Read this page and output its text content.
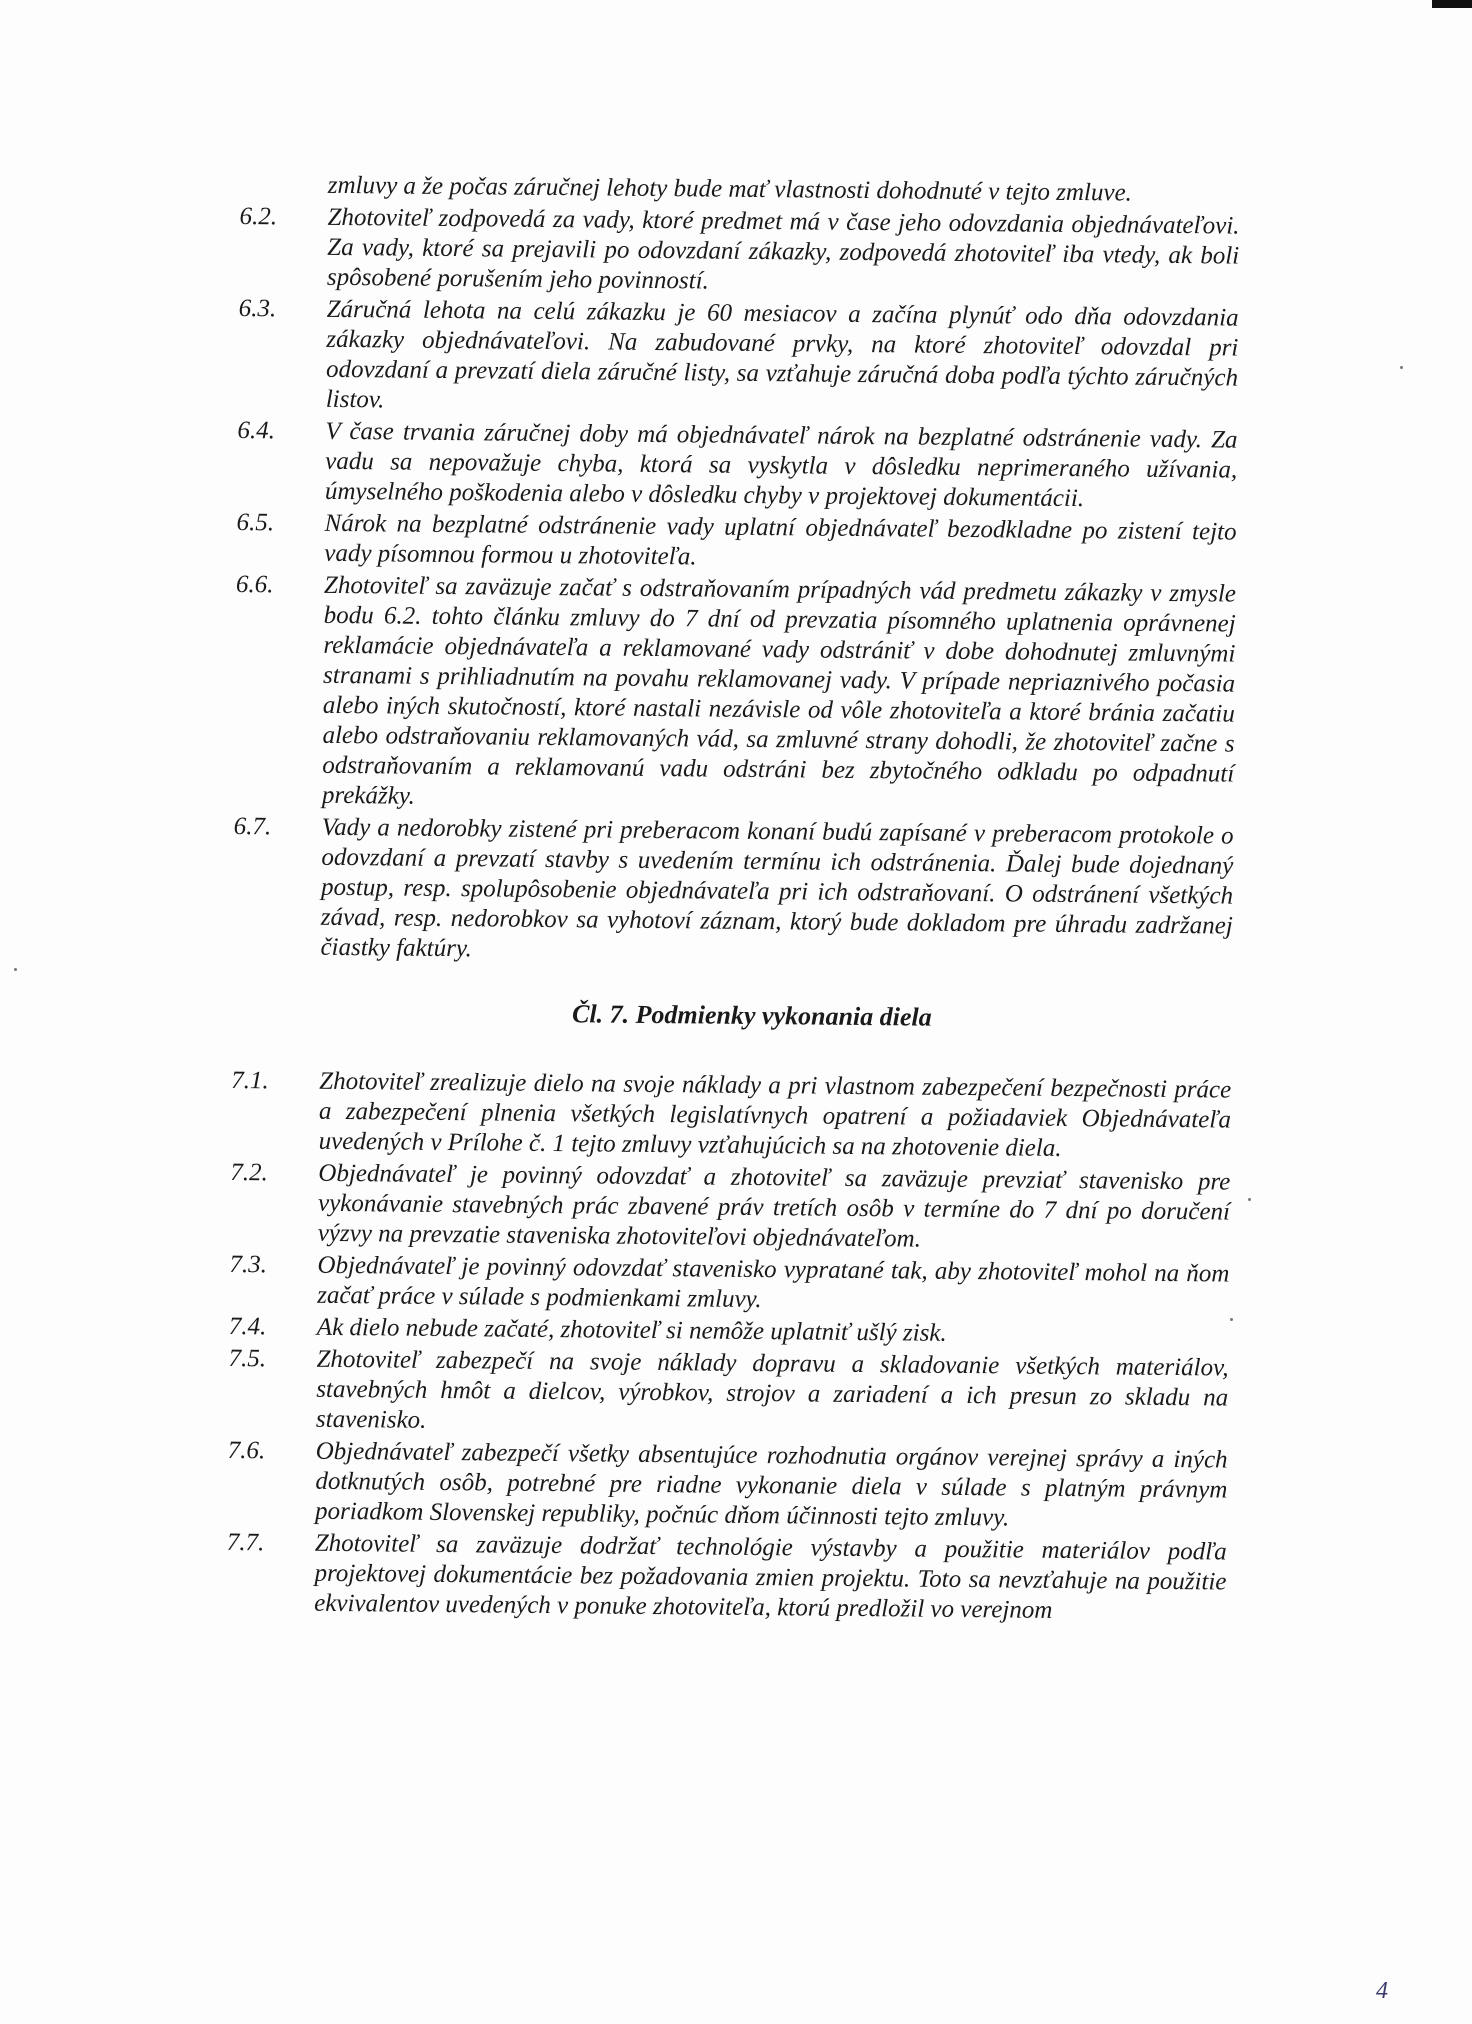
zmluvy a že počas záručnej lehoty bude mať vlastnosti dohodnuté v tejto zmluve.
6.2.	Zhotoviteľ zodpovedá za vady, ktoré predmet má v čase jeho odovzdania objednávateľovi. Za vady, ktoré sa prejavili po odovzdaní zákazky, zodpovedá zhotoviteľ iba vtedy, ak boli spôsobené porušením jeho povinností.
6.3.	Záručná lehota na celú zákazku je 60 mesiacov a začína plynúť odo dňa odovzdania zákazky objednávateľovi. Na zabudované prvky, na ktoré zhotoviteľ odovzdal pri odovzdaní a prevzatí diela záručné listy, sa vzťahuje záručná doba podľa týchto záručných listov.
6.4.	V čase trvania záručnej doby má objednávateľ nárok na bezplatné odstránenie vady. Za vadu sa nepovažuje chyba, ktorá sa vyskytla v dôsledku neprimeraného užívania, úmyselného poškodenia alebo v dôsledku chyby v projektovej dokumentácii.
6.5.	Nárok na bezplatné odstránenie vady uplatní objednávateľ bezodkladne po zistení tejto vady písomnou formou u zhotoviteľa.
6.6.	Zhotoviteľ sa zaväzuje začať s odstraňovaním prípadných vád predmetu zákazky v zmysle bodu 6.2. tohto článku zmluvy do 7 dní od prevzatia písomného uplatnenia oprávnenej reklamácie objednávateľa a reklamované vady odstrániť v dobe dohodnutej zmluvnými stranami s prihliadnutím na povahu reklamovanej vady. V prípade nepriaznivého počasia alebo iných skutočností, ktoré nastali nezávisle od vôle zhotoviteľa a ktoré bránia začatiu alebo odstraňovaniu reklamovaných vád, sa zmluvné strany dohodli, že zhotoviteľ začne s odstraňovaním a reklamovanú vadu odstráni bez zbytočného odkladu po odpadnutí prekážky.
6.7.	Vady a nedorobky zistené pri preberacom konaní budú zapísané v preberacom protokole o odovzdaní a prevzatí stavby s uvedením termínu ich odstránenia. Ďalej bude dojednaný postup, resp. spolupôsobenie objednávateľa pri ich odstraňovaní. O odstránení všetkých závad, resp. nedorobkov sa vyhotoví záznam, ktorý bude dokladom pre úhradu zadržanej čiastky faktúry.
Čl. 7. Podmienky vykonania diela
7.1.	Zhotoviteľ zrealizuje dielo na svoje náklady a pri vlastnom zabezpečení bezpečnosti práce a zabezpečení plnenia všetkých legislatívnych opatrení a požiadaviek Objednávateľa uvedených v Prílohe č. 1 tejto zmluvy vzťahujúcich sa na zhotovenie diela.
7.2.	Objednávateľ je povinný odovzdať a zhotoviteľ sa zaväzuje prevziať stavenisko pre vykonávanie stavebných prác zbavené práv tretích osôb v termíne do 7 dní po doručení výzvy na prevzatie staveniska zhotoviteľovi objednávateľom.
7.3.	Objednávateľ je povinný odovzdať stavenisko vypratané tak, aby zhotoviteľ mohol na ňom začať práce v súlade s podmienkami zmluvy.
7.4.	Ak dielo nebude začaté, zhotoviteľ si nemôže uplatniť ušlý zisk.
7.5.	Zhotoviteľ zabezpečí na svoje náklady dopravu a skladovanie všetkých materiálov, stavebných hmôt a dielcov, výrobkov, strojov a zariadení a ich presun zo skladu na stavenisko.
7.6.	Objednávateľ zabezpečí všetky absentujúce rozhodnutia orgánov verejnej správy a iných dotknutých osôb, potrebné pre riadne vykonanie diela v súlade s platným právnym poriadkom Slovenskej republiky, počnúc dňom účinnosti tejto zmluvy.
7.7.	Zhotoviteľ sa zaväzuje dodržať technológie výstavby a použitie materiálov podľa projektovej dokumentácie bez požadovania zmien projektu. Toto sa nevzťahuje na použitie ekvivalentov uvedených v ponuke zhotoviteľa, ktorú predložil vo verejnom
4
